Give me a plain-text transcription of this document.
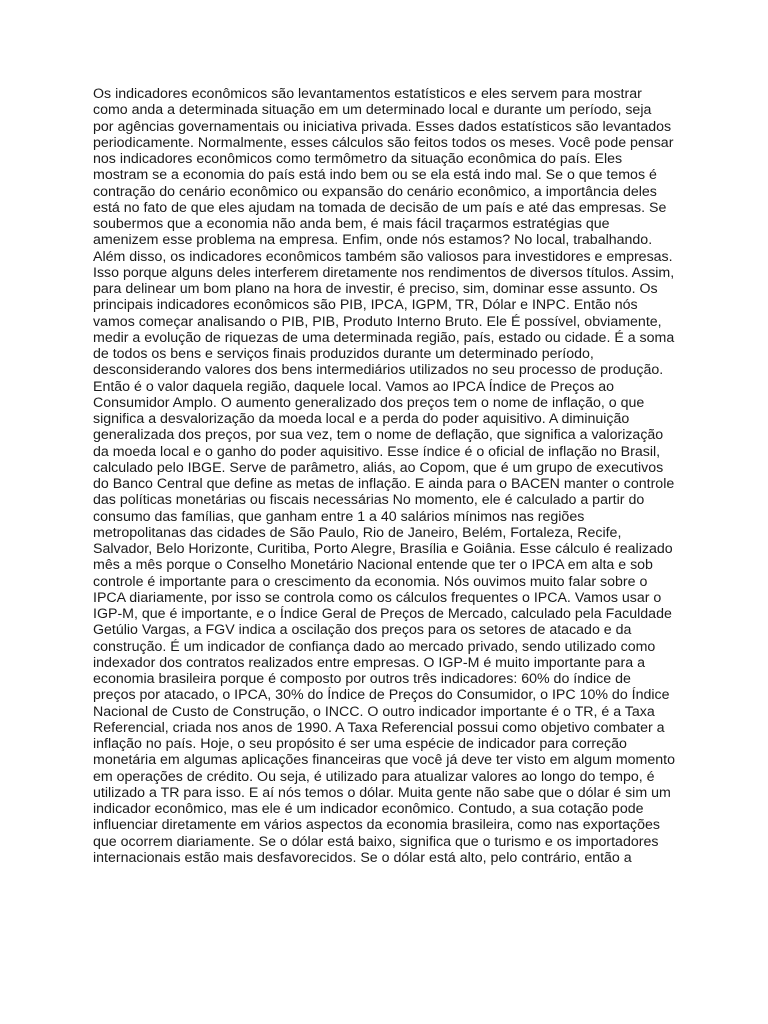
Os indicadores econômicos são levantamentos estatísticos e eles servem para mostrar
como anda a determinada situação em um determinado local e durante um período, seja
por agências governamentais ou iniciativa privada. Esses dados estatísticos são levantados
periodicamente. Normalmente, esses cálculos são feitos todos os meses. Você pode pensar
nos indicadores econômicos como termômetro da situação econômica do país. Eles
mostram se a economia do país está indo bem ou se ela está indo mal. Se o que temos é
contração do cenário econômico ou expansão do cenário econômico, a importância deles
está no fato de que eles ajudam na tomada de decisão de um país e até das empresas. Se
soubermos que a economia não anda bem, é mais fácil traçarmos estratégias que
amenizem esse problema na empresa. Enfim, onde nós estamos? No local, trabalhando.
Além disso, os indicadores econômicos também são valiosos para investidores e empresas.
Isso porque alguns deles interferem diretamente nos rendimentos de diversos títulos. Assim,
para delinear um bom plano na hora de investir, é preciso, sim, dominar esse assunto. Os
principais indicadores econômicos são PIB, IPCA, IGPM, TR, Dólar e INPC. Então nós
vamos começar analisando o PIB, PIB, Produto Interno Bruto. Ele É possível, obviamente,
medir a evolução de riquezas de uma determinada região, país, estado ou cidade. É a soma
de todos os bens e serviços finais produzidos durante um determinado período,
desconsiderando valores dos bens intermediários utilizados no seu processo de produção.
Então é o valor daquela região, daquele local. Vamos ao IPCA Índice de Preços ao
Consumidor Amplo. O aumento generalizado dos preços tem o nome de inflação, o que
significa a desvalorização da moeda local e a perda do poder aquisitivo. A diminuição
generalizada dos preços, por sua vez, tem o nome de deflação, que significa a valorização
da moeda local e o ganho do poder aquisitivo. Esse índice é o oficial de inflação no Brasil,
calculado pelo IBGE. Serve de parâmetro, aliás, ao Copom, que é um grupo de executivos
do Banco Central que define as metas de inflação. E ainda para o BACEN manter o controle
das políticas monetárias ou fiscais necessárias No momento, ele é calculado a partir do
consumo das famílias, que ganham entre 1 a 40 salários mínimos nas regiões
metropolitanas das cidades de São Paulo, Rio de Janeiro, Belém, Fortaleza, Recife,
Salvador, Belo Horizonte, Curitiba, Porto Alegre, Brasília e Goiânia. Esse cálculo é realizado
mês a mês porque o Conselho Monetário Nacional entende que ter o IPCA em alta e sob
controle é importante para o crescimento da economia. Nós ouvimos muito falar sobre o
IPCA diariamente, por isso se controla como os cálculos frequentes o IPCA. Vamos usar o
IGP-M, que é importante, e o Índice Geral de Preços de Mercado, calculado pela Faculdade
Getúlio Vargas, a FGV indica a oscilação dos preços para os setores de atacado e da
construção. É um indicador de confiança dado ao mercado privado, sendo utilizado como
indexador dos contratos realizados entre empresas. O IGP-M é muito importante para a
economia brasileira porque é composto por outros três indicadores: 60% do índice de
preços por atacado, o IPCA, 30% do Índice de Preços do Consumidor, o IPC 10% do Índice
Nacional de Custo de Construção, o INCC. O outro indicador importante é o TR, é a Taxa
Referencial, criada nos anos de 1990. A Taxa Referencial possui como objetivo combater a
inflação no país. Hoje, o seu propósito é ser uma espécie de indicador para correção
monetária em algumas aplicações financeiras que você já deve ter visto em algum momento
em operações de crédito. Ou seja, é utilizado para atualizar valores ao longo do tempo, é
utilizado a TR para isso. E aí nós temos o dólar. Muita gente não sabe que o dólar é sim um
indicador econômico, mas ele é um indicador econômico. Contudo, a sua cotação pode
influenciar diretamente em vários aspectos da economia brasileira, como nas exportações
que ocorrem diariamente. Se o dólar está baixo, significa que o turismo e os importadores
internacionais estão mais desfavorecidos. Se o dólar está alto, pelo contrário, então a
